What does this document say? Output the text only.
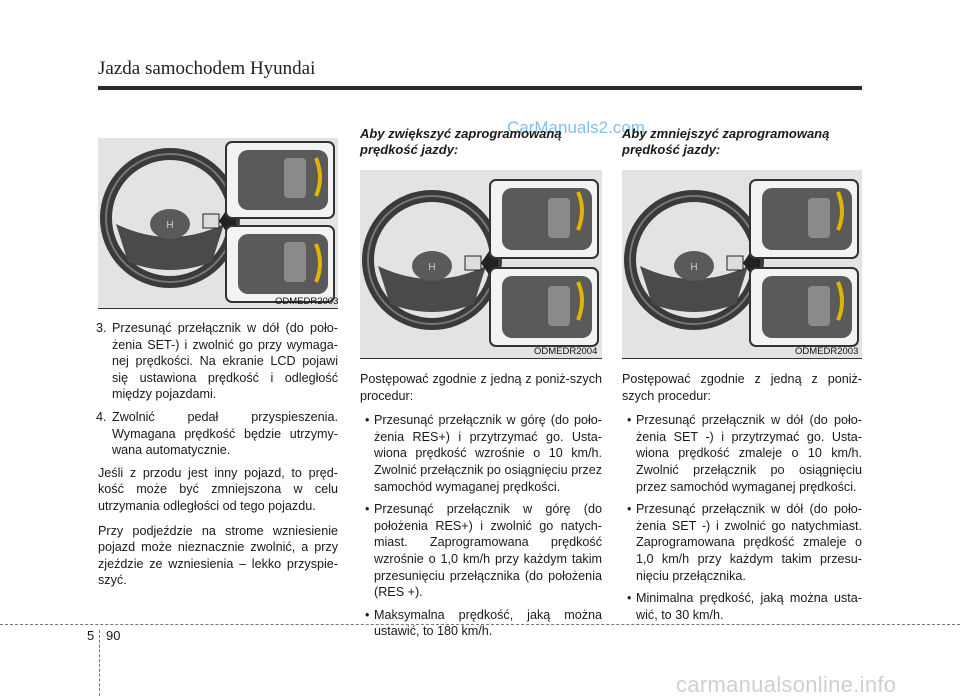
Jazda samochodem Hyundai
H
ODMEDR2003
H
ODMEDR2004
H
ODMEDR2003
CarManuals2.com
3. Przesunąć przełącznik w dół (do poło-żenia SET-) i zwolnić go przy wymaga-nej prędkości. Na ekranie LCD pojawi się ustawiona prędkość i odległość między pojazdami.
4. Zwolnić pedał przyspieszenia. Wymagana prędkość będzie utrzymy-wana automatycznie.

Jeśli z przodu jest inny pojazd, to pręd-kość może być zmniejszona w celu utrzymania odległości od tego pojazdu.

Przy podjeździe na strome wzniesienie pojazd może nieznacznie zwolnić, a przy zjeździe ze wzniesienia – lekko przyspie-szyć.

Aby zwiększyć zaprogramowaną prędkość jazdy:

Postępować zgodnie z jedną z poniż-szych procedur:

• Przesunąć przełącznik w górę (do poło-żenia RES+) i przytrzymać go. Usta-wiona prędkość wzrośnie o 10 km/h. Zwolnić przełącznik po osiągnięciu przez samochód wymaganej prędkości.
• Przesunąć przełącznik w górę (do położenia RES+) i zwolnić go natych-miast. Zaprogramowana prędkość wzrośnie o 1,0 km/h przy każdym takim przesunięciu przełącznika (do położenia (RES +).
• Maksymalna prędkość, jaką można ustawić, to 180 km/h.
Aby zmniejszyć zaprogramowaną prędkość jazdy:

Postępować zgodnie z jedną z poniż-szych procedur:

• Przesunąć przełącznik w dół (do poło-żenia SET -) i przytrzymać go. Usta-wiona prędkość zmaleje o 10 km/h. Zwolnić przełącznik po osiągnięciu przez samochód wymaganej prędkości.
• Przesunąć przełącznik w dół (do poło-żenia SET -) i zwolnić go natychmiast. Zaprogramowana prędkość zmaleje o 1,0 km/h przy każdym takim przesu-nięciu przełącznika.
• Minimalna prędkość, jaką można usta-wić, to 30 km/h.
5 90
carmanualsonline.info
